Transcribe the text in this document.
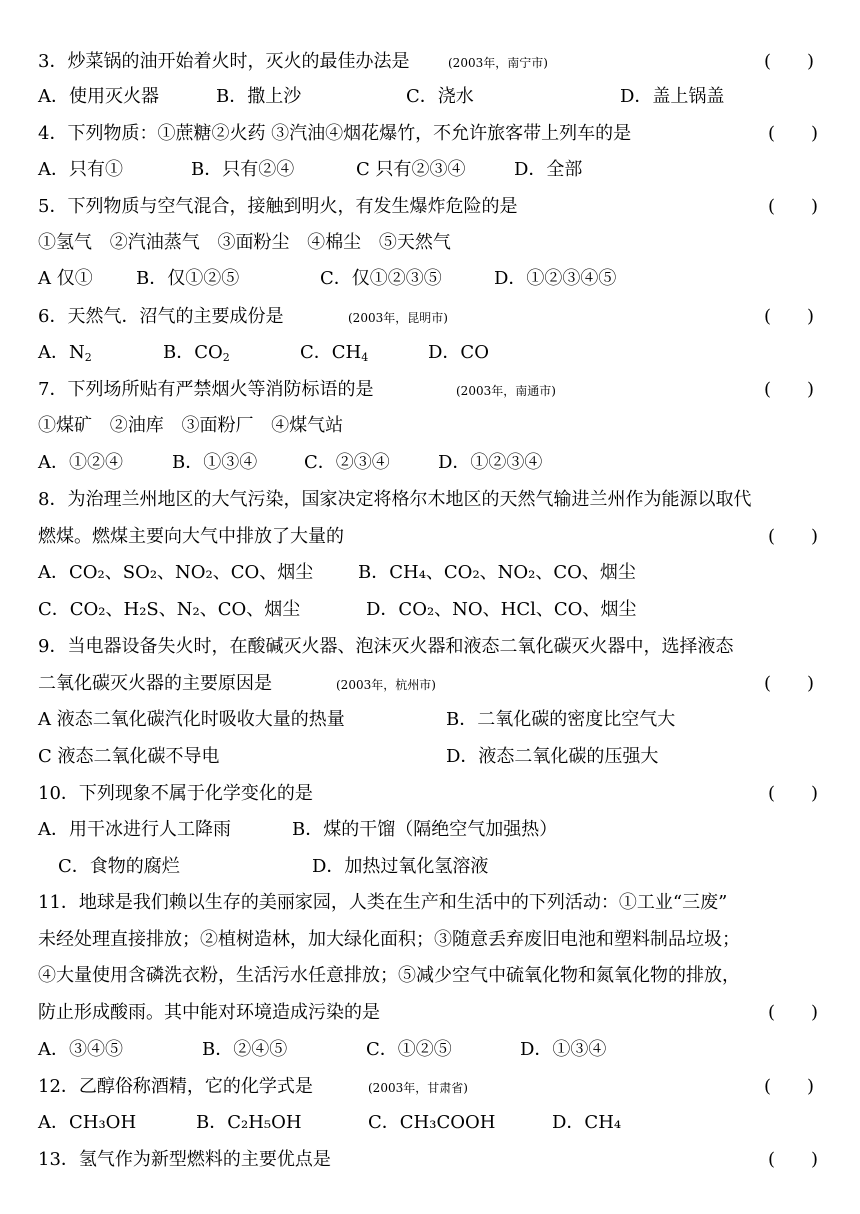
3．炒菜锅的油开始着火时，灭火的最佳办法是	(2003年，南宁市)	( )
A．使用灭火器	B．撒上沙	C．浇水	D．盖上锅盖
4．下列物质：①蔗糖②火药 ③汽油④烟花爆竹，不允许旅客带上列车的是	( )
A．只有①	B．只有②④	C 只有②③④	D．全部
5．下列物质与空气混合，接触到明火，有发生爆炸危险的是	( )
①氢气 ②汽油蒸气 ③面粉尘 ④棉尘 ⑤天然气
A 仅① B．仅①②⑤	C．仅①②③⑤	D．①②③④⑤
6．天然气．沼气的主要成份是	(2003年，昆明市)	( )
A．$N_2$	B．$CO_2$	C．$CH_4$	D．CO
7．下列场所贴有严禁烟火等消防标语的是	(2003年，南通市)	( )
①煤矿 ②油库 ③面粉厂 ④煤气站
A．①②④	B．①③④	C．②③④	D．①②③④
8．为治理兰州地区的大气污染，国家决定将格尔木地区的天然气输进兰州作为能源以取代
燃煤。燃煤主要向大气中排放了大量的	( )
A．CO₂、SO₂、NO₂、CO、烟尘 B．CH₄、CO₂、NO₂、CO、烟尘
C．CO₂、H₂S、N₂、CO、烟尘	D．CO₂、NO、HCl、CO、烟尘
9．当电器设备失火时，在酸碱灭火器、泡沫灭火器和液态二氧化碳灭火器中，选择液态
二氧化碳灭火器的主要原因是	(2003年，杭州市)	( )
A 液态二氧化碳汽化时吸收大量的热量	B．二氧化碳的密度比空气大
C 液态二氧化碳不导电	D．液态二氧化碳的压强大
10．下列现象不属于化学变化的是	( )
A．用干冰进行人工降雨	B．煤的干馏（隔绝空气加强热）
C．食物的腐烂	D．加热过氧化氢溶液
11．地球是我们赖以生存的美丽家园，人类在生产和生活中的下列活动：①工业“三废”
未经处理直接排放；②植树造林，加大绿化面积；③随意丢弃废旧电池和塑料制品垃圾；
④大量使用含磷洗衣粉，生活污水任意排放；⑤减少空气中硫氧化物和氮氧化物的排放，
防止形成酸雨。其中能对环境造成污染的是	( )
A．③④⑤	B．②④⑤	C．①②⑤	D．①③④
12．乙醇俗称酒精，它的化学式是	(2003年，甘肃省)	( )
A．CH₃OH	B．C₂H₅OH	C．CH₃COOH	D．CH₄
13．氢气作为新型燃料的主要优点是	( )
